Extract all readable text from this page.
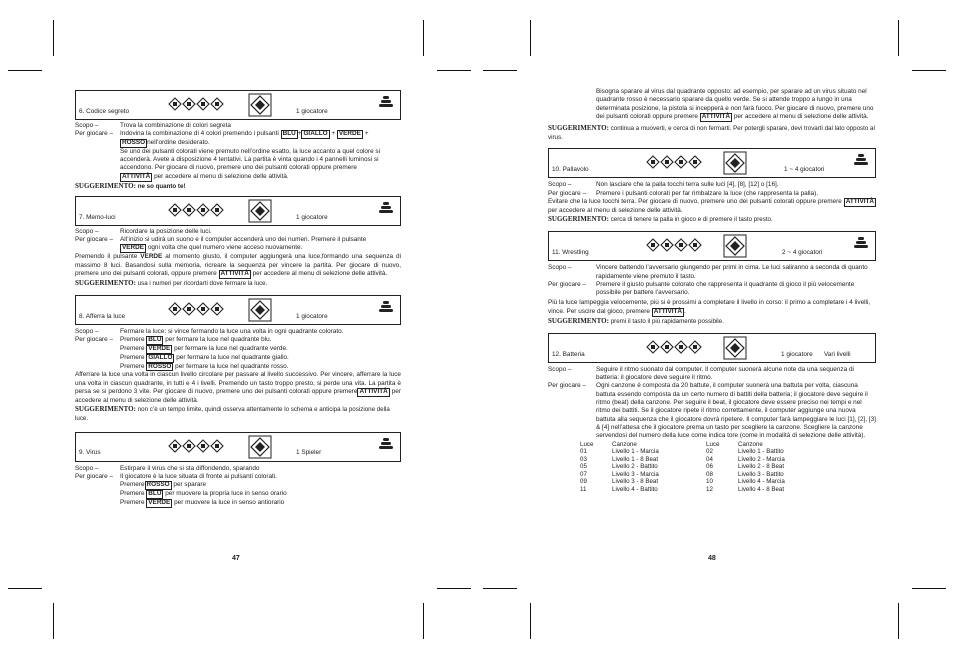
6. Codice segreto	1 giocatore
Scopo –	Trova la combinazione di colori segreta
Per giocare –	Indovina la combinazione di 4 colori premendo i pulsanti BLU + GIALLO + VERDE +
ROSSO nell’ordine desiderato.
Se uno dei pulsanti colorati viene premuto nell’ordine esatto, la luce accanto a quel colore si accenderà. Avete a disposizione 4 tentativi. La partita è vinta quando i 4 pannelli luminosi si accendono. Per giocare di nuovo, premere uno dei pulsanti colorati oppure premere
ATTIVITÀ per accedere al menu di selezione delle attività.
SUGGERIMENTO: ne so quanto te!
7. Memo-luci	1 giocatore
Scopo –	Ricordare la posizione delle luci.
Per giocare –	All’inizio si udirà un suono e il computer accenderà uno dei numeri. Premere il pulsante
VERDE ogni volta che quel numero viene acceso nuovamente.
Premendo il pulsante VERDE al momento giusto, il computer aggiungerà una luce,formando una sequenza di massimo 8 luci. Basandosi sulla memoria, ricreare la sequenza per vincere la partita. Per giocare di nuovo, premere uno dei pulsanti colorati, oppure premere ATTIVITÀ per accedere al menu di selezione delle attività.
SUGGERIMENTO: usa i numeri per ricordarti dove fermare la luce.
8. Afferra la luce	1 giocatore
Scopo –	Fermare la luce: si vince fermando la luce una volta in ogni quadrante colorato.
Per giocare –	Premere BLU per fermare la luce nel quadrante blu.
Premere VERDE per fermare la luce nel quadrante verde.
Premere GIALLO per fermare la luce nel quadrante giallo.
Premere ROSSO per fermare la luce nel quadrante rosso.
Afferrare la luce una volta in ciascun livello circolare per passare al livello successivo. Per vincere, afferrare la luce una volta in ciascun quadrante, in tutti e 4 i livelli. Premendo un tasto troppo presto, si perde una vita. La partita è persa se si perdono 3 vite. Per giocare di nuovo, premere uno dei pulsanti colorati oppure premere ATTIVITÀ per accedere al menu di selezione delle attività.
SUGGERIMENTO: non c’è un tempo limite, quindi osserva attentamente lo schema e anticipa la posizione della luce.
9. Virus	1 Spieler
Scopo –	Estirpare il virus che si sta diffondendo, sparando
Per giocare –	Il giocatore è la luce situata di fronte ai pulsanti colorati.
Premere ROSSO per sparare
Premere BLU per muovere la propria luce in senso orario
Premere VERDE per muovere la luce in senso antiorario
47
Bisogna sparare al virus dal quadrante opposto: ad esempio, per sparare ad un virus situato nel quadrante rosso è necessario sparare da quello verde. Se si attende troppo a lungo in una determinata posizione, la pistola si incepperà e non farà fuoco. Per giocare di nuovo, premere uno dei pulsanti colorati oppure premere ATTIVITÀ per accedere al menu di selezione delle attività.
SUGGERIMENTO: continua a muoverti, e cerca di non fermarti. Per potergli sparare, devi trovarti dal lato opposto al virus.
10. Pallavolo	1 ~ 4 giocatori
Scopo –	Non lasciare che la palla tocchi terra sulle luci [4], [8], [12] o [16].
Per giocare –	Premere i pulsanti colorati per far rimbalzare la luce (che rappresenta la palla).
Evitare che la luce tocchi terra. Per giocare di nuovo, premere uno dei pulsanti colorati oppure premere ATTIVITÀ per accedere al menu di selezione delle attività.
SUGGERIMENTO: cerca di tenere la palla in gioco e di premere il tasto presto.
11. Wrestling	2 ~ 4 giocatori
Scopo –	Vincere battendo l’avversario giungendo per primi in cima. Le luci saliranno a seconda di quanto rapidamente viene premuto il tasto.
Per giocare –	Premere il giusto pulsante colorato che rappresenta il quadrante di gioco il più velocemente possibile per battere l’avversario.
Più la luce lampeggia velocemente, più si è prossimi a completare il livello in corso: il primo a completare i 4 livelli, vince. Per uscire dal gioco, premere ATTIVITÀ .
SUGGERIMENTO: premi il tasto il più rapidamente possibile.
12. Batteria	1 giocatore Vari livelli
Scopo –	Seguire il ritmo suonato dal computer. Il computer suonerà alcune note da una sequenza di batteria: il giocatore deve seguire il ritmo.
Per giocare –	Ogni canzone è composta da 20 battute, il computer suonerà una battuta per volta, ciascuna battuta essendo composta da un certo numero di battiti della batteria; il giocatore deve seguire il ritmo (beat) della canzone. Per seguire il beat, il giocatore deve essere preciso nei tempi e nel ritmo dei battiti. Se il giocatore ripete il ritmo correttamente, il computer aggiunge una nuova battuta alla sequenza che il giocatore dovrà ripetere. Il computer farà lampeggiare le luci [1], [2], [3] & [4] nell’attesa che il giocatore prema un tasto per scegliere la canzone. Scegliere la canzone servendosi del numero della luce come indica tore (come in modalità di selezione delle attività).
Luce	Canzone	Luce	Canzone
01	Livello 1 - Marcia	02	Livello 1 - Battito
03	Livello 1 - 8 Beat	04	Livello 2 - Marcia
05	Livello 2 - Battito	06	Livello 2 - 8 Beat
07	Livello 3 - Marcia	08	Livello 3 - Battito
09	Livello 3 - 8 Beat	10	Livello 4 - Marcia
11	Livello 4 - Battito	12	Livello 4 - 8 Beat
48
